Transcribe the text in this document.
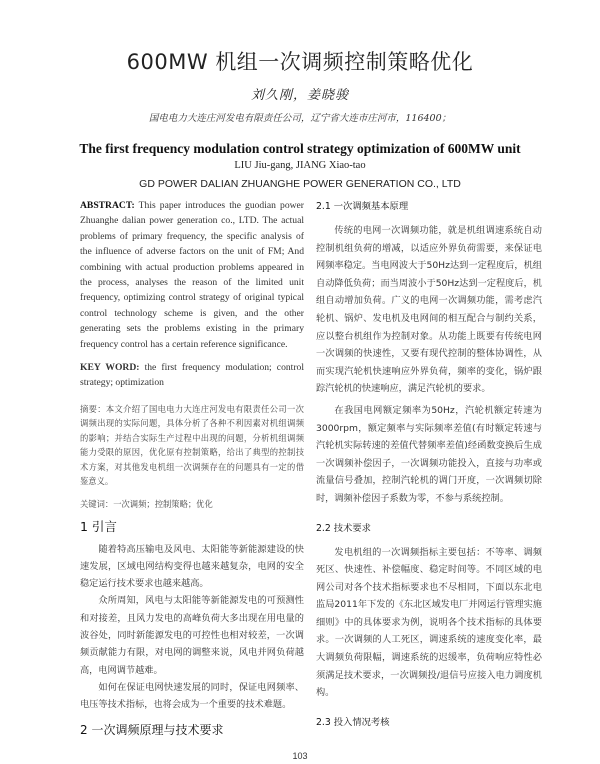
600MW 机组一次调频控制策略优化
刘久刚，姜晓骏
国电电力大连庄河发电有限责任公司，辽宁省大连市庄河市，116400；
The first frequency modulation control strategy optimization of 600MW unit
LIU Jiu-gang, JIANG Xiao-tao
GD POWER DALIAN ZHUANGHE POWER GENERATION CO., LTD

ABSTRACT: This paper introduces the guodian power Zhuanghe dalian power generation co., LTD. The actual problems of primary frequency, the specific analysis of the influence of adverse factors on the unit of FM; And combining with actual production problems appeared in the process, analyses the reason of the limited unit frequency, optimizing control strategy of original typical control technology scheme is given, and the other generating sets the problems existing in the primary frequency control has a certain reference significance.

KEY WORD: the first frequency modulation; control strategy; optimization

摘要：本文介绍了国电电力大连庄河发电有限责任公司一次调频出现的实际问题，具体分析了各种不利因素对机组调频的影响；并结合实际生产过程中出现的问题，分析机组调频能力受限的原因，优化原有控制策略，给出了典型的控制技术方案，对其他发电机组一次调频存在的问题具有一定的借鉴意义。

关键词：一次调频；控制策略；优化

1 引言

随着特高压输电及风电、太阳能等新能源建设的快速发展，区域电网结构变得也越来越复杂，电网的安全稳定运行技术要求也越来越高。

众所周知，风电与太阳能等新能源发电的可预测性和对接差，且风力发电的高峰负荷大多出现在用电量的波谷处，同时新能源发电的可控性也相对较差，一次调频贡献能力有限，对电网的调整来说，风电并网负荷越高，电网调节越难。

如何在保证电网快速发展的同时，保证电网频率、电压等技术指标，也将会成为一个重要的技术难题。

2 一次调频原理与技术要求
2.1 一次调频基本原理

传统的电网一次调频功能，就是机组调速系统自动控制机组负荷的增减，以适应外界负荷需要，来保证电网频率稳定。当电网波大于50Hz达到一定程度后，机组自动降低负荷；而当周波小于50Hz达到一定程度后，机组自动增加负荷。广义的电网一次调频功能，需考虑汽轮机、锅炉、发电机及电网间的相互配合与制约关系，应以整台机组作为控制对象。从功能上既要有传统电网一次调频的快速性，又要有现代控制的整体协调性，从而实现汽轮机快速响应外界负荷，频率的变化，锅炉跟踪汽轮机的快速响应，满足汽轮机的要求。

在我国电网额定频率为50Hz，汽轮机额定转速为3000rpm，额定频率与实际频率差值(有时额定转速与汽轮机实际转速的差值代替频率差值)经函数变换后生成一次调频补偿因子，一次调频功能投入，直接与功率或流量信号叠加，控制汽轮机的调门开度，一次调频切除时，调频补偿因子系数为零，不参与系统控制。

2.2 技术要求

发电机组的一次调频指标主要包括：不等率、调频死区、快速性、补偿幅度、稳定时间等。不同区域的电网公司对各个技术指标要求也不尽相同，下面以东北电监局2011年下发的《东北区域发电厂并网运行管理实施细则》中的具体要求为例，说明各个技术指标的具体要求。一次调频的人工死区，调速系统的速度变化率，最大调频负荷限幅，调速系统的迟缓率，负荷响应特性必须满足技术要求，一次调频投/退信号应接入电力调度机构。

2.3 投入情况考核
103
